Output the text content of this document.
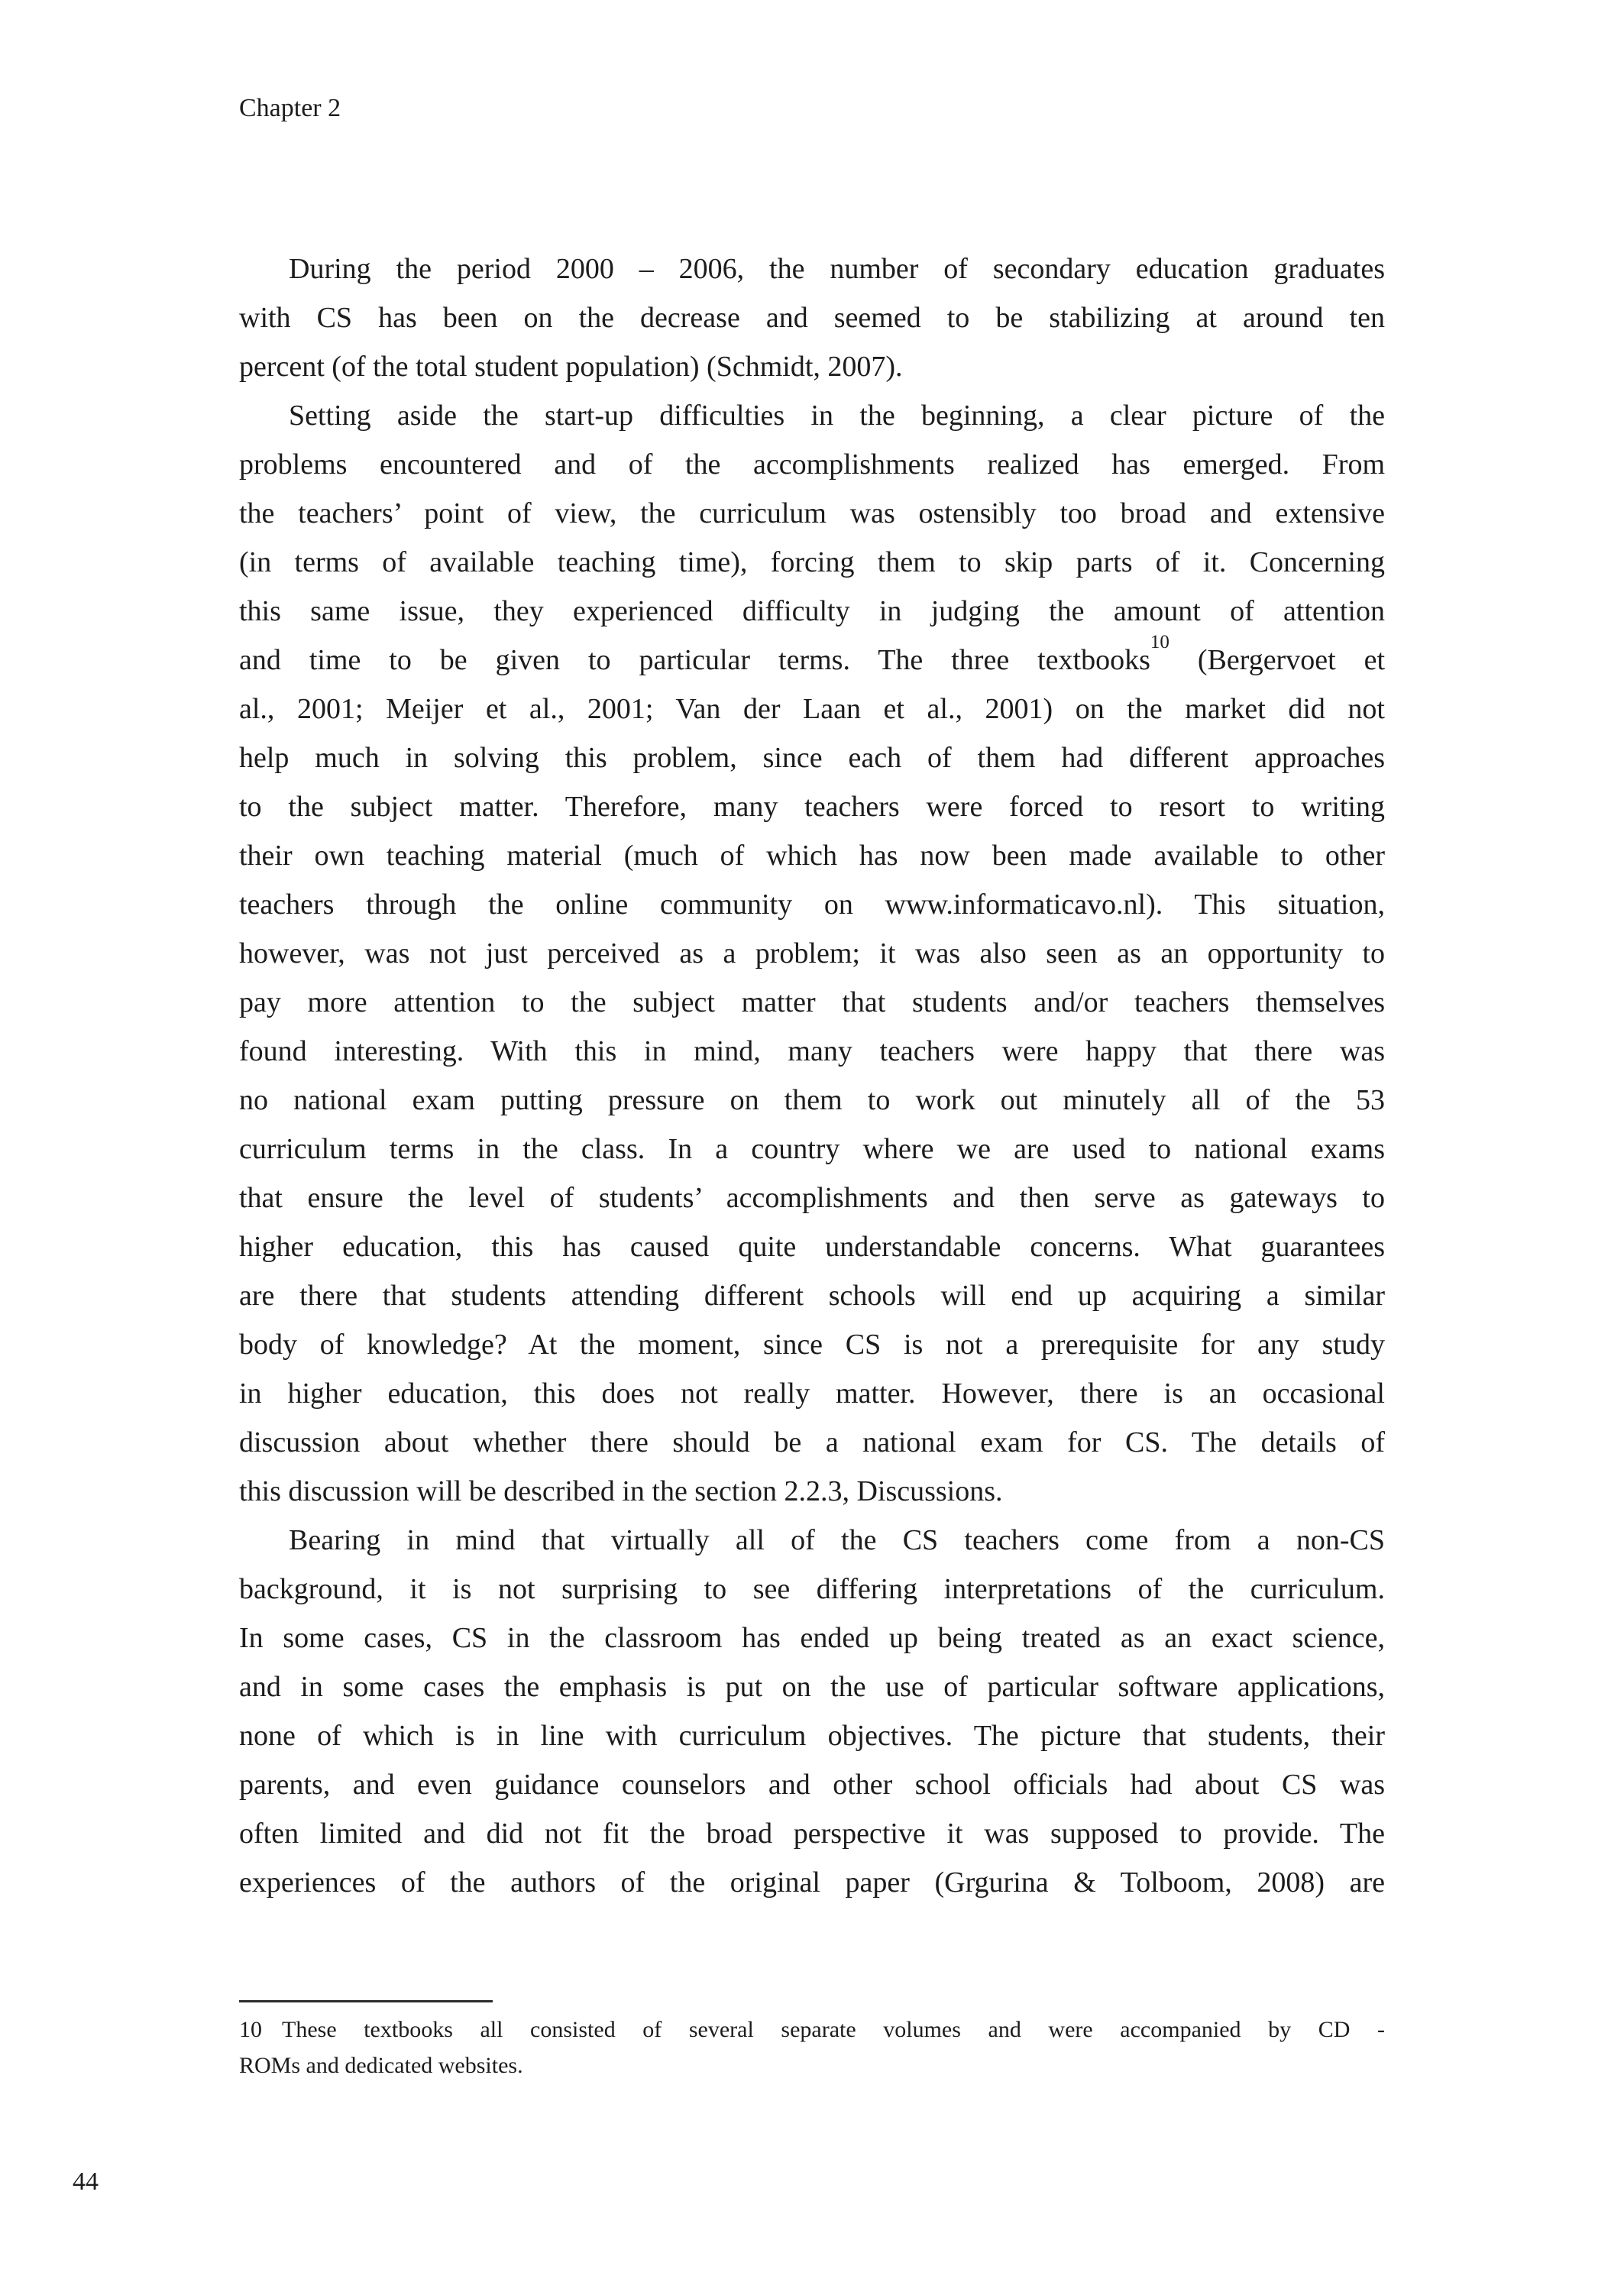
Chapter 2
During the period 2000 – 2006, the number of secondary education graduates
with CS has been on the decrease and seemed to be stabilizing at around ten
percent (of the total student population) (Schmidt, 2007).
Setting aside the start-up difficulties in the beginning, a clear picture of the
problems encountered and of the accomplishments realized has emerged. From
the teachers’ point of view, the curriculum was ostensibly too broad and extensive
(in terms of available teaching time), forcing them to skip parts of it. Concerning
this same issue, they experienced difficulty in judging the amount of attention
and time to be given to particular terms. The three textbooks$^{10}$ (Bergervoet et
al., 2001; Meijer et al., 2001; Van der Laan et al., 2001) on the market did not
help much in solving this problem, since each of them had different approaches
to the subject matter. Therefore, many teachers were forced to resort to writing
their own teaching material (much of which has now been made available to other
teachers through the online community on www.informaticavo.nl). This situation,
however, was not just perceived as a problem; it was also seen as an opportunity to
pay more attention to the subject matter that students and/or teachers themselves
found interesting. With this in mind, many teachers were happy that there was
no national exam putting pressure on them to work out minutely all of the 53
curriculum terms in the class. In a country where we are used to national exams
that ensure the level of students’ accomplishments and then serve as gateways to
higher education, this has caused quite understandable concerns. What guarantees
are there that students attending different schools will end up acquiring a similar
body of knowledge? At the moment, since CS is not a prerequisite for any study
in higher education, this does not really matter. However, there is an occasional
discussion about whether there should be a national exam for CS. The details of
this discussion will be described in the section 2.2.3, Discussions.
Bearing in mind that virtually all of the CS teachers come from a non-CS
background, it is not surprising to see differing interpretations of the curriculum.
In some cases, CS in the classroom has ended up being treated as an exact science,
and in some cases the emphasis is put on the use of particular software applications,
none of which is in line with curriculum objectives. The picture that students, their
parents, and even guidance counselors and other school officials had about CS was
often limited and did not fit the broad perspective it was supposed to provide. The
experiences of the authors of the original paper (Grgurina & Tolboom, 2008) are
10 These textbooks all consisted of several separate volumes and were accompanied by CD -
ROMs and dedicated websites.
44
